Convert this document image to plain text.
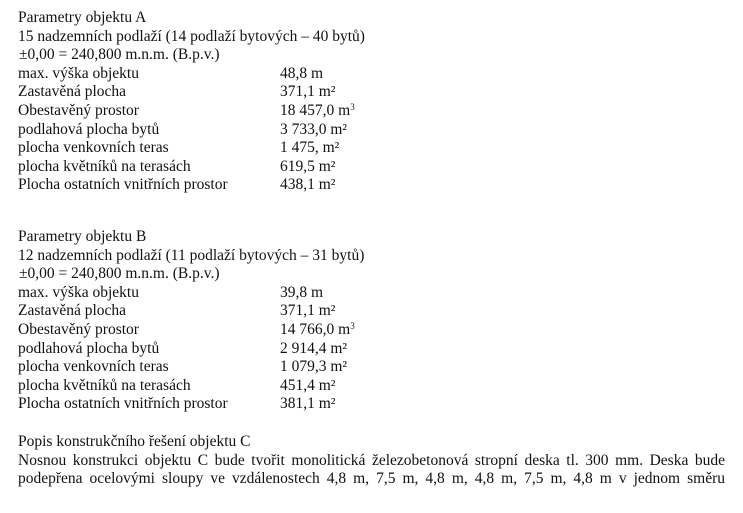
Parametry objektu A
15 nadzemních podlaží (14 podlaží bytových – 40 bytů)
±0,00 = 240,800 m.n.m. (B.p.v.)
max. výška objektu	48,8 m
Zastavěná plocha	371,1 m²
Obestavěný prostor	18 457,0 $m^3$
podlahová plocha bytů	3 733,0 m²
plocha venkovních teras	1 475, m²
plocha květníků na terasách	619,5 m²
Plocha ostatních vnitřních prostor	438,1 m²
Parametry objektu B
12 nadzemních podlaží (11 podlaží bytových – 31 bytů)
±0,00 = 240,800 m.n.m. (B.p.v.)
max. výška objektu	39,8 m
Zastavěná plocha	371,1 m²
Obestavěný prostor	14 766,0 $m^3$
podlahová plocha bytů	2 914,4 m²
plocha venkovních teras	1 079,3 m²
plocha květníků na terasách	451,4 m²
Plocha ostatních vnitřních prostor	381,1 m²
Popis konstrukčního řešení objektu C
Nosnou konstrukci objektu C bude tvořit monolitická železobetonová stropní deska tl. 300 mm. Deska bude
podepřena ocelovými sloupy ve vzdálenostech 4,8 m, 7,5 m, 4,8 m, 4,8 m, 7,5 m, 4,8 m v jednom směru
